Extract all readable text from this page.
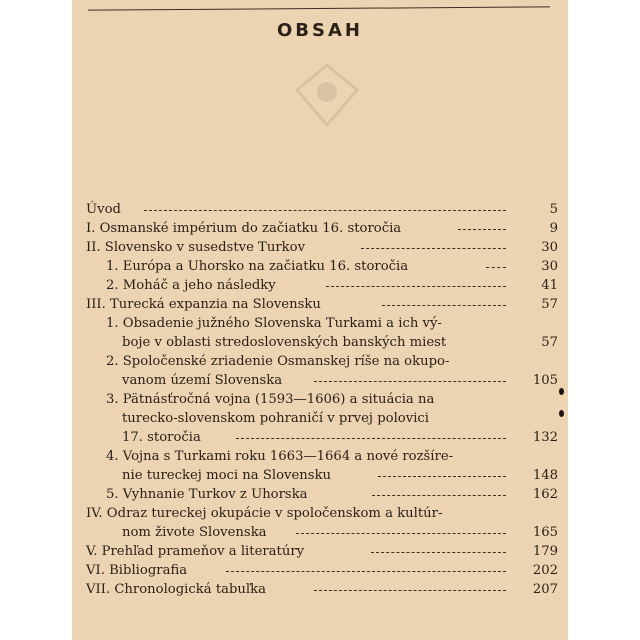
OBSAH
Úvod	5
I. Osmanské impérium do začiatku 16. storočia	9
II. Slovensko v susedstve Turkov	30
1. Európa a Uhorsko na začiatku 16. storočia	30
2. Moháč a jeho následky	41
III. Turecká expanzia na Slovensku	57
1. Obsadenie južného Slovenska Turkami a ich vý-
boje v oblasti stredoslovenských banských miest	57
2. Spoločenské zriadenie Osmanskej ríše na okupo-
vanom území Slovenska	105
3. Pätnásťročná vojna (1593—1606) a situácia na
turecko-slovenskom pohraničí v prvej polovici
17. storočia	132
4. Vojna s Turkami roku 1663—1664 a nové rozšíre-
nie tureckej moci na Slovensku	148
5. Vyhnanie Turkov z Uhorska	162
IV. Odraz tureckej okupácie v spoločenskom a kultúr-
nom živote Slovenska	165
V. Prehľad prameňov a literatúry	179
VI. Bibliografia	202
VII. Chronologická tabuľka	207
